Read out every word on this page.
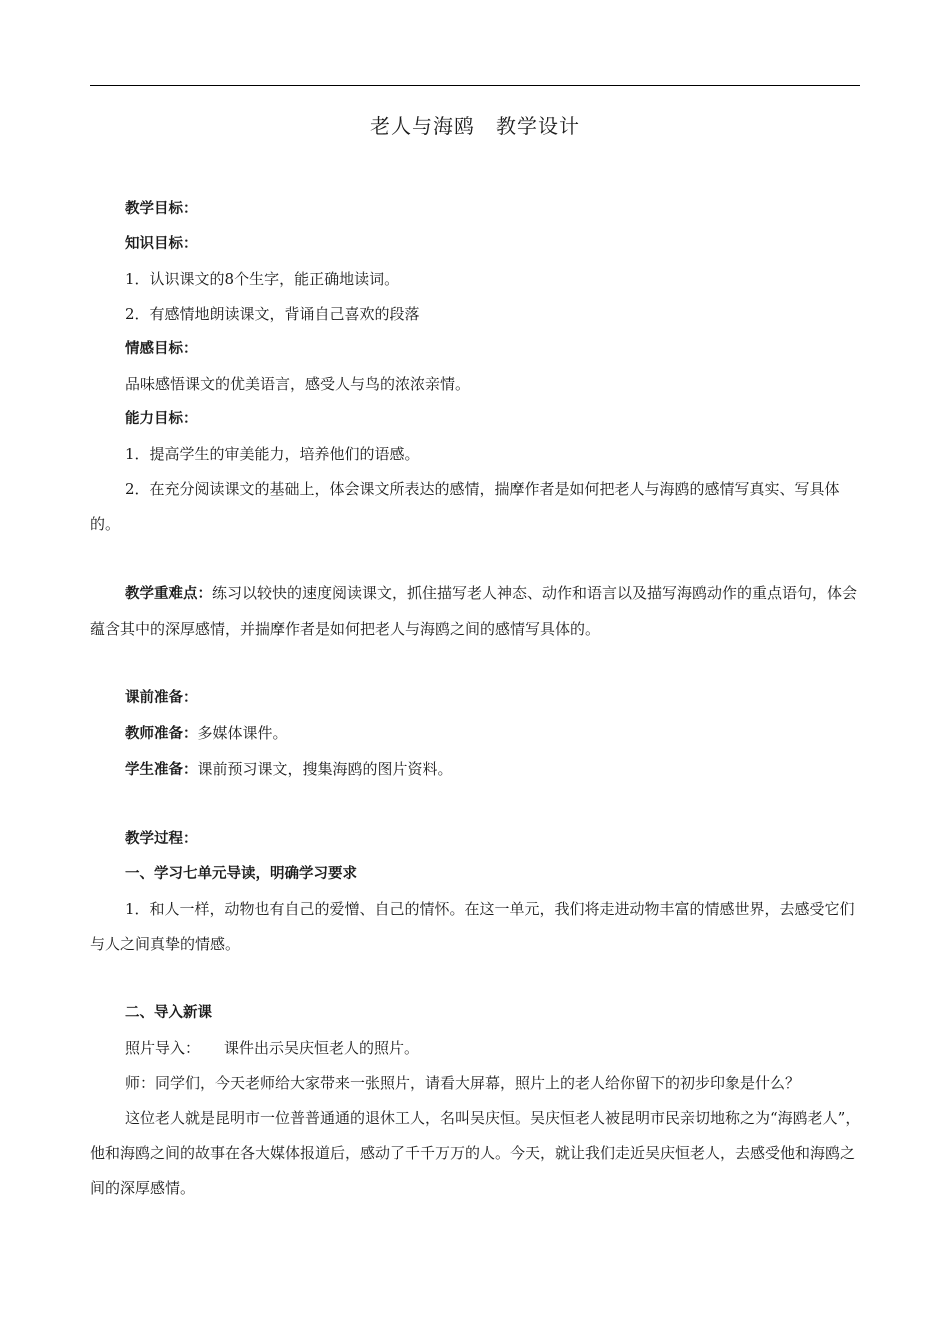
老人与海鸥　教学设计

教学目标：

知识目标：

1．认识课文的8个生字，能正确地读词。

2．有感情地朗读课文，背诵自己喜欢的段落

情感目标：

品味感悟课文的优美语言，感受人与鸟的浓浓亲情。

能力目标：

1．提高学生的审美能力，培养他们的语感。

2．在充分阅读课文的基础上，体会课文所表达的感情，揣摩作者是如何把老人与海鸥的感情写真实、写具体的。

教学重难点：练习以较快的速度阅读课文，抓住描写老人神态、动作和语言以及描写海鸥动作的重点语句，体会蕴含其中的深厚感情，并揣摩作者是如何把老人与海鸥之间的感情写具体的。

课前准备：

教师准备：多媒体课件。

学生准备：课前预习课文，搜集海鸥的图片资料。

教学过程：

一、学习七单元导读，明确学习要求

1．和人一样，动物也有自己的爱憎、自己的情怀。在这一单元，我们将走进动物丰富的情感世界，去感受它们与人之间真挚的情感。

二、导入新课

照片导入： 课件出示吴庆恒老人的照片。

师：同学们，今天老师给大家带来一张照片，请看大屏幕，照片上的老人给你留下的初步印象是什么？

这位老人就是昆明市一位普普通通的退休工人，名叫吴庆恒。吴庆恒老人被昆明市民亲切地称之为“海鸥老人”，他和海鸥之间的故事在各大媒体报道后，感动了千千万万的人。今天，就让我们走近吴庆恒老人，去感受他和海鸥之间的深厚感情。
